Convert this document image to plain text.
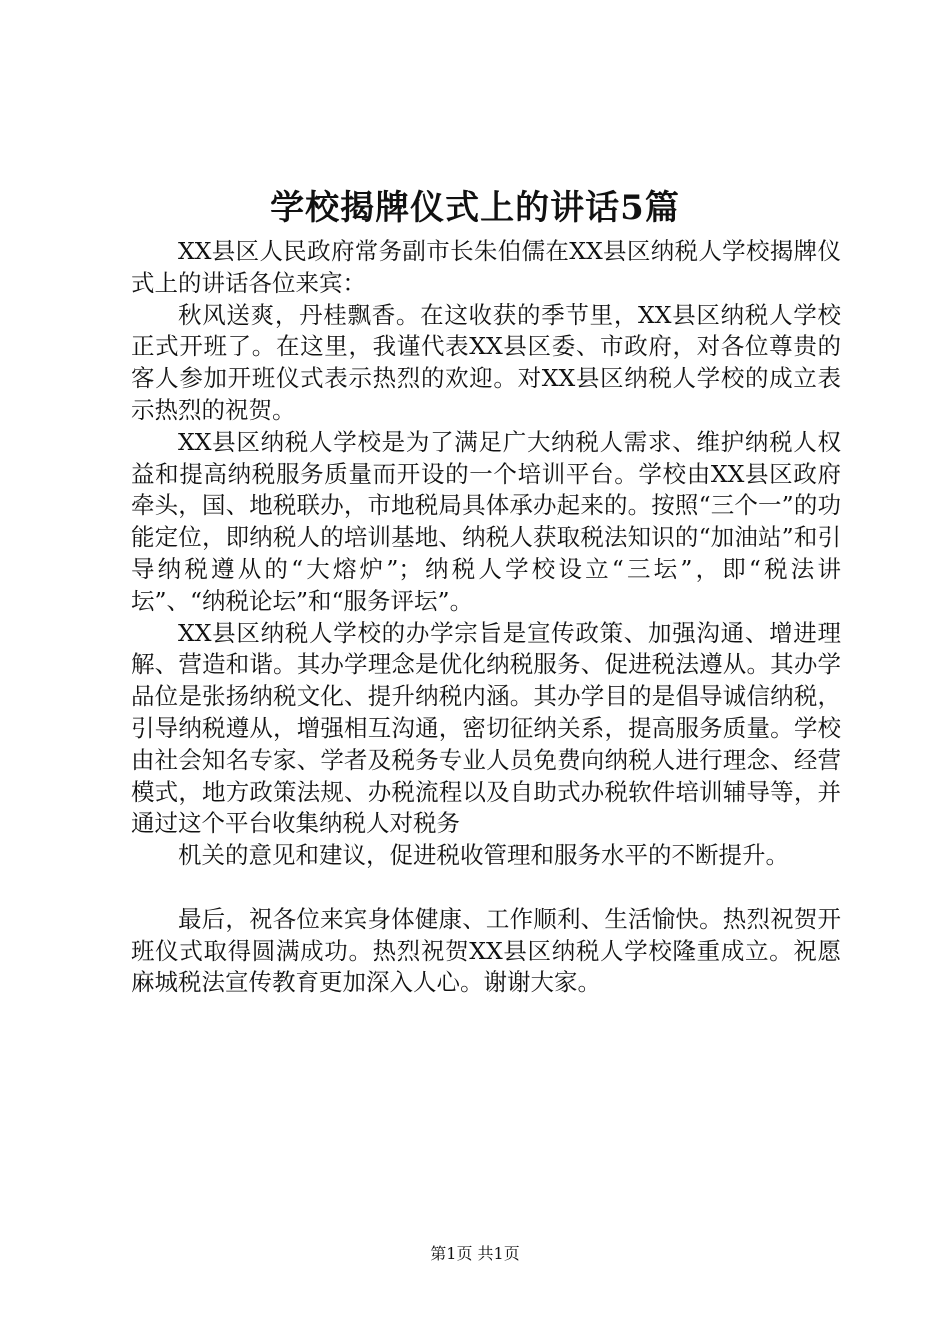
学校揭牌仪式上的讲话5篇

XX县区人民政府常务副市长朱伯儒在XX县区纳税人学校揭牌仪式上的讲话各位来宾：

秋风送爽，丹桂飘香。在这收获的季节里，XX县区纳税人学校正式开班了。在这里，我谨代表XX县区委、市政府，对各位尊贵的客人参加开班仪式表示热烈的欢迎。对XX县区纳税人学校的成立表示热烈的祝贺。

XX县区纳税人学校是为了满足广大纳税人需求、维护纳税人权益和提高纳税服务质量而开设的一个培训平台。学校由XX县区政府牵头，国、地税联办，市地税局具体承办起来的。按照“三个一”的功能定位，即纳税人的培训基地、纳税人获取税法知识的“加油站”和引导纳税遵从的“大熔炉”；纳税人学校设立“三坛”，即“税法讲坛”、“纳税论坛”和“服务评坛”。

XX县区纳税人学校的办学宗旨是宣传政策、加强沟通、增进理解、营造和谐。其办学理念是优化纳税服务、促进税法遵从。其办学品位是张扬纳税文化、提升纳税内涵。其办学目的是倡导诚信纳税，引导纳税遵从，增强相互沟通，密切征纳关系，提高服务质量。学校由社会知名专家、学者及税务专业人员免费向纳税人进行理念、经营模式，地方政策法规、办税流程以及自助式办税软件培训辅导等，并通过这个平台收集纳税人对税务

机关的意见和建议，促进税收管理和服务水平的不断提升。

最后，祝各位来宾身体健康、工作顺利、生活愉快。热烈祝贺开班仪式取得圆满成功。热烈祝贺XX县区纳税人学校隆重成立。祝愿麻城税法宣传教育更加深入人心。谢谢大家。

第1页 共1页
